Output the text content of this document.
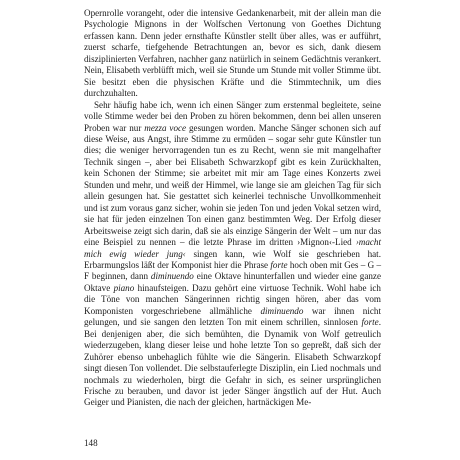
Opernrolle vorangeht, oder die intensive Gedankenarbeit, mit der allein man die Psychologie Mignons in der Wolfschen Vertonung von Goethes Dichtung erfassen kann. Denn jeder ernsthafte Künstler stellt über alles, was er aufführt, zuerst scharfe, tiefgehende Betrachtungen an, bevor es sich, dank diesem disziplinierten Verfahren, nachher ganz natürlich in seinem Gedächtnis verankert. Nein, Elisabeth verblüfft mich, weil sie Stunde um Stunde mit voller Stimme übt. Sie besitzt eben die physischen Kräfte und die Stimmtechnik, um dies durchzuhalten.

Sehr häufig habe ich, wenn ich einen Sänger zum erstenmal begleitete, seine volle Stimme weder bei den Proben zu hören bekommen, denn bei allen unseren Proben war nur mezza voce gesungen worden. Manche Sänger schonen sich auf diese Weise, aus Angst, ihre Stimme zu ermüden – sogar sehr gute Künstler tun dies; die weniger hervorragenden tun es zu Recht, wenn sie mit mangelhafter Technik singen –, aber bei Elisabeth Schwarzkopf gibt es kein Zurückhalten, kein Schonen der Stimme; sie arbeitet mit mir am Tage eines Konzerts zwei Stunden und mehr, und weiß der Himmel, wie lange sie am gleichen Tag für sich allein gesungen hat. Sie gestattet sich keinerlei technische Unvollkommenheit und ist zum voraus ganz sicher, wohin sie jeden Ton und jeden Vokal setzen wird, sie hat für jeden einzelnen Ton einen ganz bestimmten Weg. Der Erfolg dieser Arbeitsweise zeigt sich darin, daß sie als einzige Sängerin der Welt – um nur das eine Beispiel zu nennen – die letzte Phrase im dritten ›Mignon‹-Lied ›macht mich ewig wieder jung‹ singen kann, wie Wolf sie geschrieben hat. Erbarmungslos läßt der Komponist hier die Phrase forte hoch oben mit Ges – G – F beginnen, dann diminuendo eine Oktave hinunterfallen und wieder eine ganze Oktave piano hinaufsteigen. Dazu gehört eine virtuose Technik. Wohl habe ich die Töne von manchen Sängerinnen richtig singen hören, aber das vom Komponisten vorgeschriebene allmähliche diminuendo war ihnen nicht gelungen, und sie sangen den letzten Ton mit einem schrillen, sinnlosen forte. Bei denjenigen aber, die sich bemühten, die Dynamik von Wolf getreulich wiederzugeben, klang dieser leise und hohe letzte Ton so gepreßt, daß sich der Zuhörer ebenso unbehaglich fühlte wie die Sängerin. Elisabeth Schwarzkopf singt diesen Ton vollendet. Die selbstauferlegte Disziplin, ein Lied nochmals und nochmals zu wiederholen, birgt die Gefahr in sich, es seiner ursprünglichen Frische zu berauben, und davor ist jeder Sänger ängstlich auf der Hut. Auch Geiger und Pianisten, die nach der gleichen, hartnäckigen Me-

148
